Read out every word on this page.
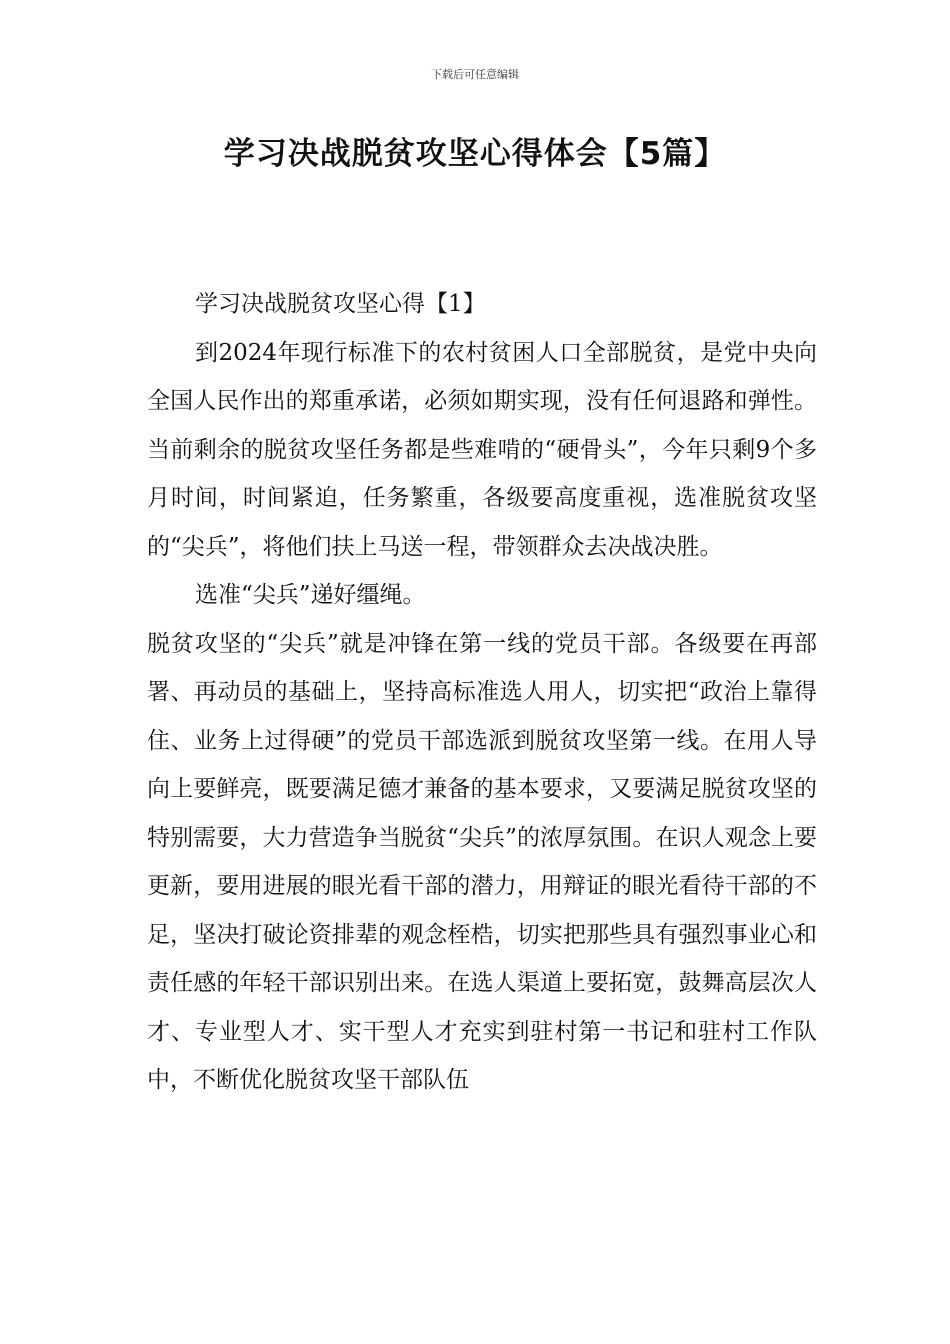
下载后可任意编辑
学习决战脱贫攻坚心得体会【5篇】

学习决战脱贫攻坚心得【1】

到2024年现行标准下的农村贫困人口全部脱贫，是党中央向全国人民作出的郑重承诺，必须如期实现，没有任何退路和弹性。当前剩余的脱贫攻坚任务都是些难啃的“硬骨头”，今年只剩9个多月时间，时间紧迫，任务繁重，各级要高度重视，选准脱贫攻坚的“尖兵”，将他们扶上马送一程，带领群众去决战决胜。

选准“尖兵”递好缰绳。

脱贫攻坚的“尖兵”就是冲锋在第一线的党员干部。各级要在再部署、再动员的基础上，坚持高标准选人用人，切实把“政治上靠得住、业务上过得硬”的党员干部选派到脱贫攻坚第一线。在用人导向上要鲜亮，既要满足德才兼备的基本要求，又要满足脱贫攻坚的特别需要，大力营造争当脱贫“尖兵”的浓厚氛围。在识人观念上要更新，要用进展的眼光看干部的潜力，用辩证的眼光看待干部的不足，坚决打破论资排辈的观念桎梏，切实把那些具有强烈事业心和责任感的年轻干部识别出来。在选人渠道上要拓宽，鼓舞高层次人才、专业型人才、实干型人才充实到驻村第一书记和驻村工作队中，不断优化脱贫攻坚干部队伍
